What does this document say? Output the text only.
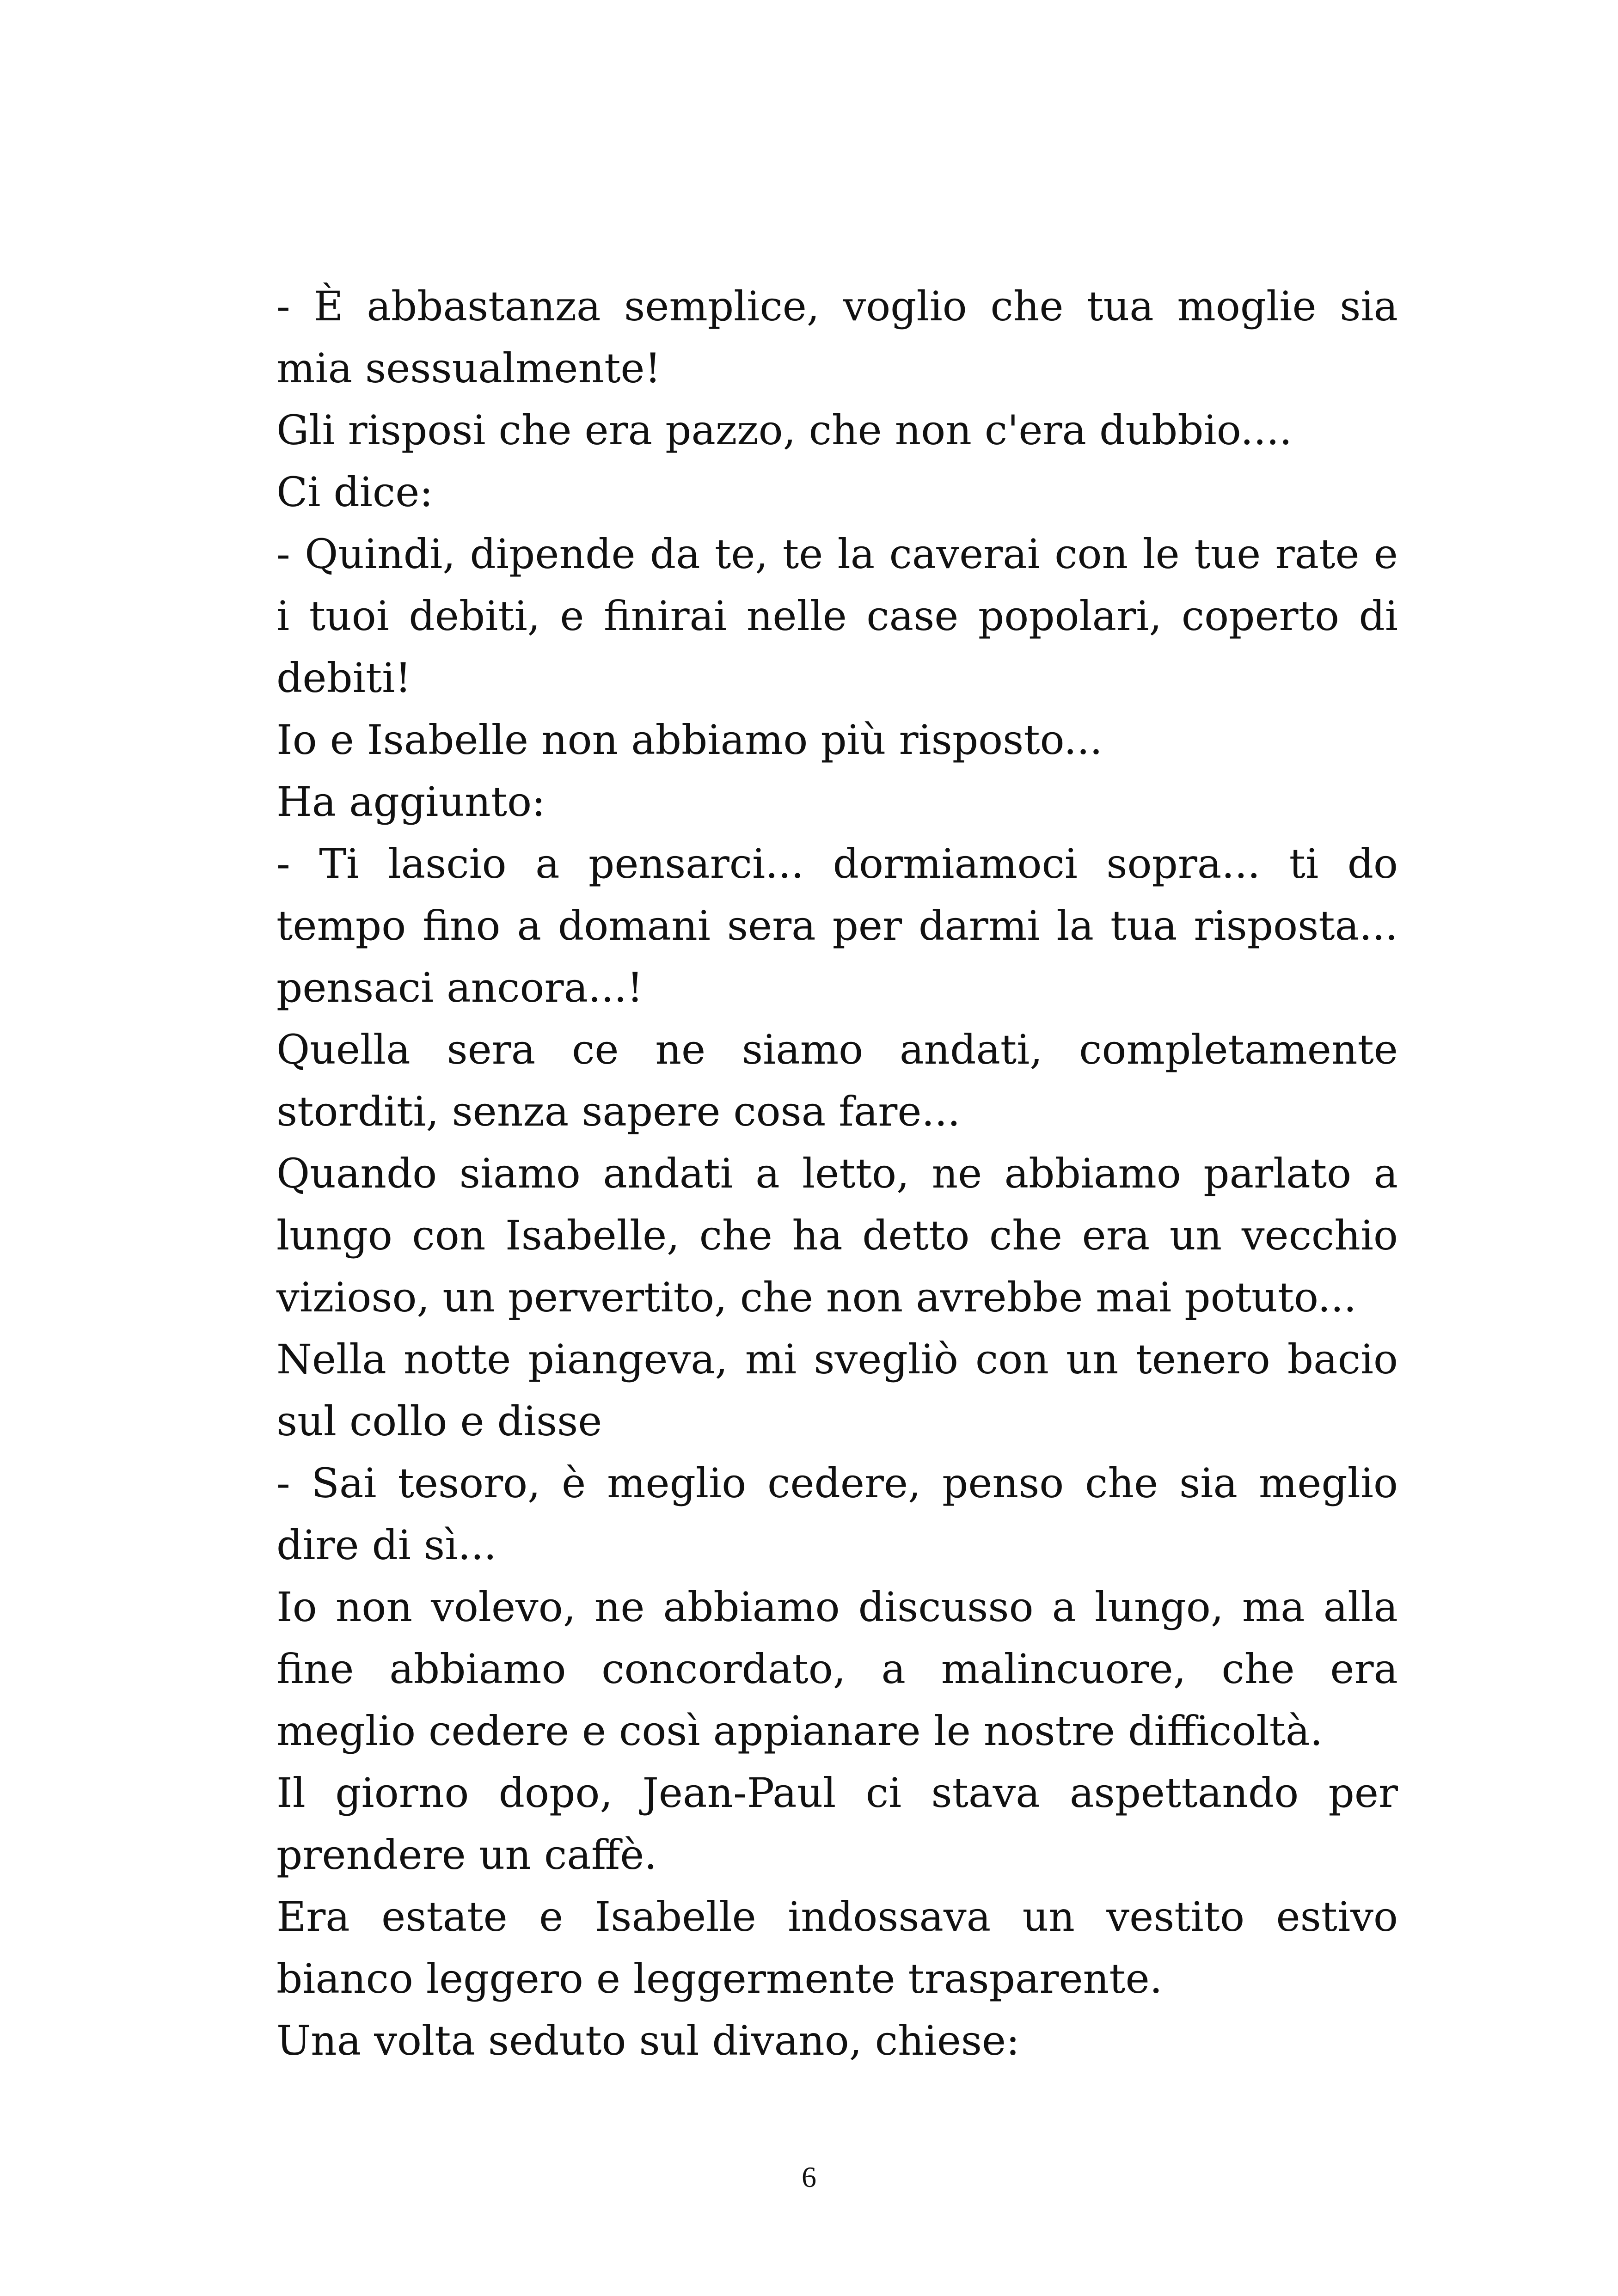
- È abbastanza semplice, voglio che tua moglie sia mia sessualmente!

Gli risposi che era pazzo, che non c'era dubbio....

Ci dice:

- Quindi, dipende da te, te la caverai con le tue rate e i tuoi debiti, e finirai nelle case popolari, coperto di debiti!

Io e Isabelle non abbiamo più risposto...

Ha aggiunto:

- Ti lascio a pensarci... dormiamoci sopra... ti do tempo fino a domani sera per darmi la tua risposta... pensaci ancora...!

Quella sera ce ne siamo andati, completamente storditi, senza sapere cosa fare...

Quando siamo andati a letto, ne abbiamo parlato a lungo con Isabelle, che ha detto che era un vecchio vizioso, un pervertito, che non avrebbe mai potuto...

Nella notte piangeva, mi svegliò con un tenero bacio sul collo e disse

- Sai tesoro, è meglio cedere, penso che sia meglio dire di sì...

Io non volevo, ne abbiamo discusso a lungo, ma alla fine abbiamo concordato, a malincuore, che era meglio cedere e così appianare le nostre difficoltà.

Il giorno dopo, Jean-Paul ci stava aspettando per prendere un caffè.

Era estate e Isabelle indossava un vestito estivo bianco leggero e leggermente trasparente.

Una volta seduto sul divano, chiese:

6
